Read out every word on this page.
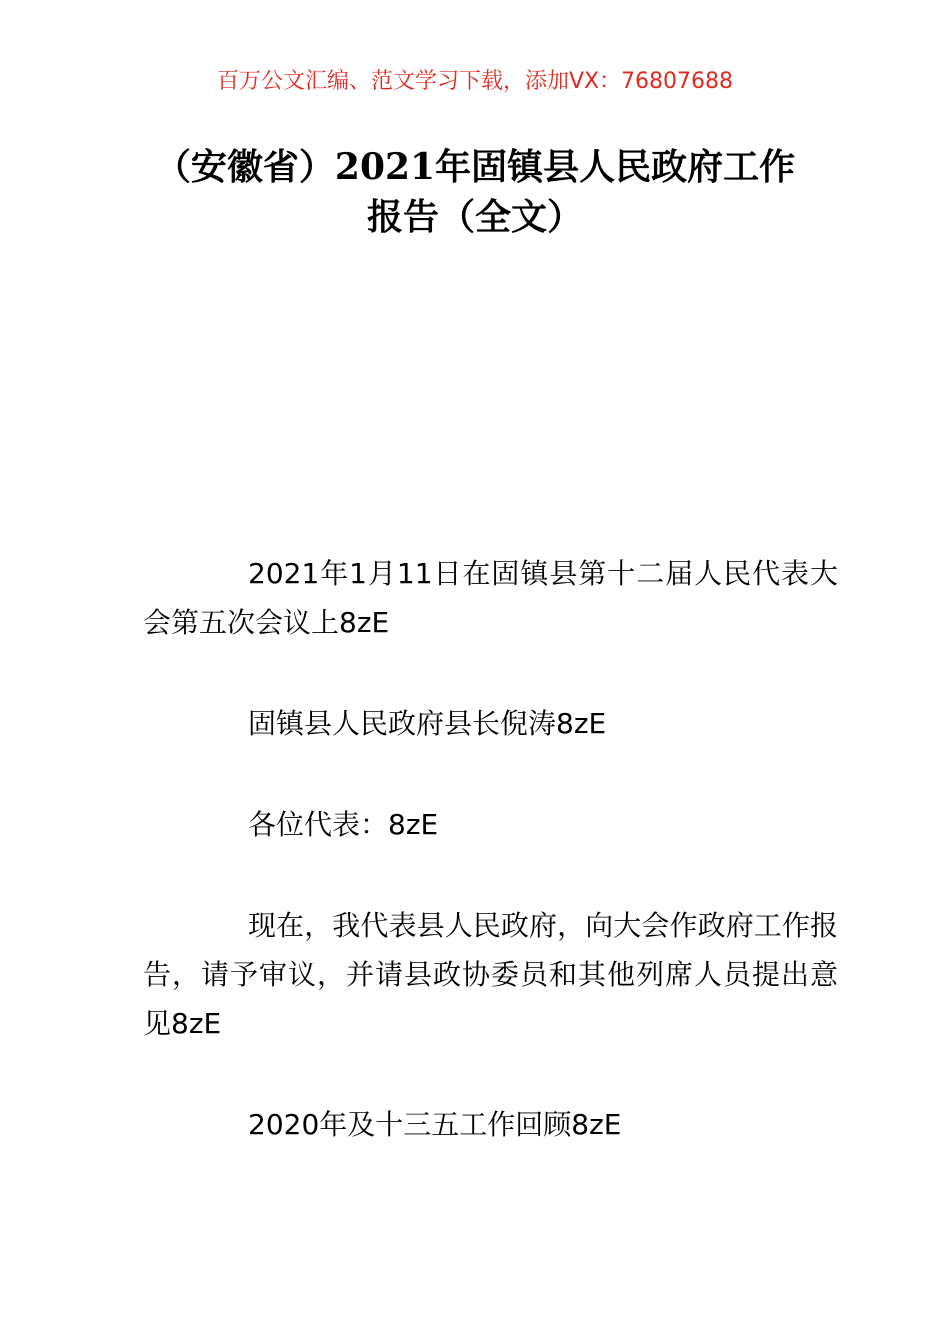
百万公文汇编、范文学习下载，添加VX：76807688
（安徽省）2021年固镇县人民政府工作报告（全文）

2021年1月11日在固镇县第十二届人民代表大会第五次会议上8zE

固镇县人民政府县长倪涛8zE

各位代表：8zE

现在，我代表县人民政府，向大会作政府工作报告，请予审议，并请县政协委员和其他列席人员提出意见8zE

2020年及十三五工作回顾8zE
